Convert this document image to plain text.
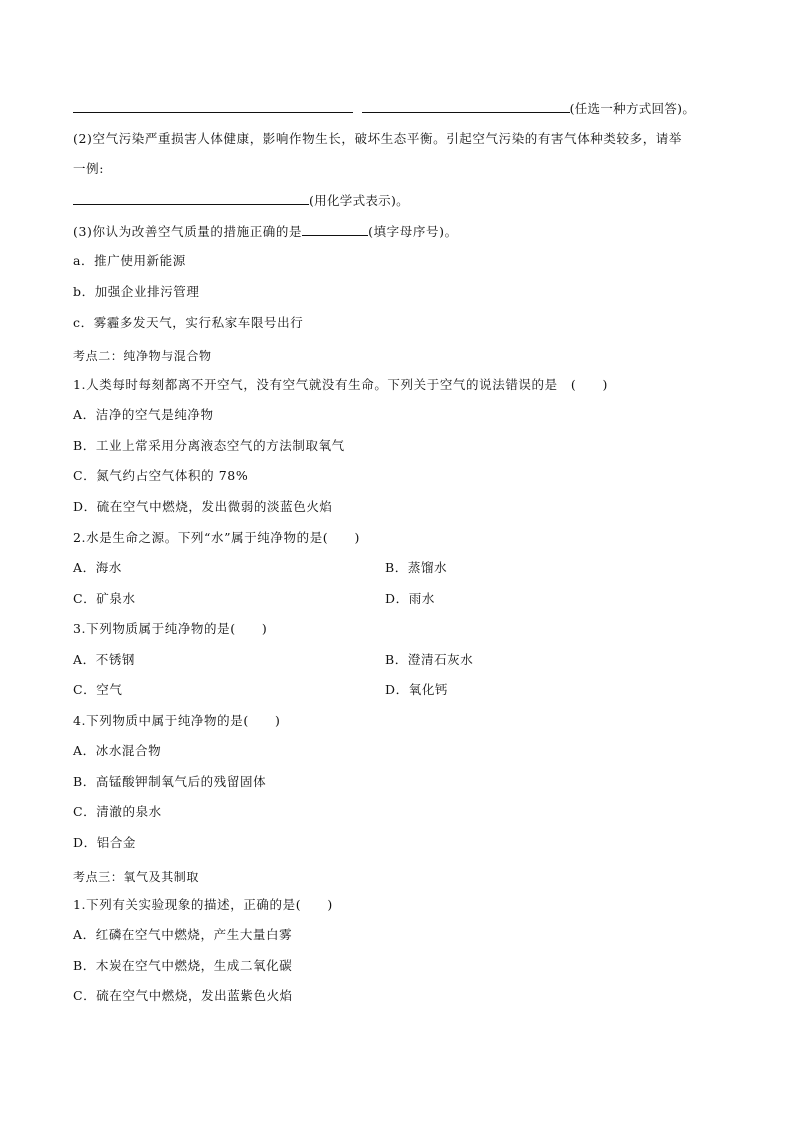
(任选一种方式回答)。
(2)空气污染严重损害人体健康，影响作物生长，破坏生态平衡。引起空气污染的有害气体种类较多，请举
一例:
(用化学式表示)。
(3)你认为改善空气质量的措施正确的是	(填字母序号)。
a．推广使用新能源
b．加强企业排污管理
c．雾霾多发天气，实行私家车限号出行
考点二：纯净物与混合物
1.人类每时每刻都离不开空气，没有空气就没有生命。下列关于空气的说法错误的是　(　　)
A．洁净的空气是纯净物
B．工业上常采用分离液态空气的方法制取氧气
C．氮气约占空气体积的 78%
D．硫在空气中燃烧，发出微弱的淡蓝色火焰
2.水是生命之源。下列“水”属于纯净物的是(　　)
A．海水	B．蒸馏水
C．矿泉水	D．雨水
3.下列物质属于纯净物的是(　　)
A．不锈钢	B．澄清石灰水
C．空气	D．氧化钙
4.下列物质中属于纯净物的是(　　)
A．冰水混合物
B．高锰酸钾制氧气后的残留固体
C．清澈的泉水
D．铝合金
考点三：氧气及其制取
1.下列有关实验现象的描述，正确的是(　　)
A．红磷在空气中燃烧，产生大量白雾
B．木炭在空气中燃烧，生成二氧化碳
C．硫在空气中燃烧，发出蓝紫色火焰
